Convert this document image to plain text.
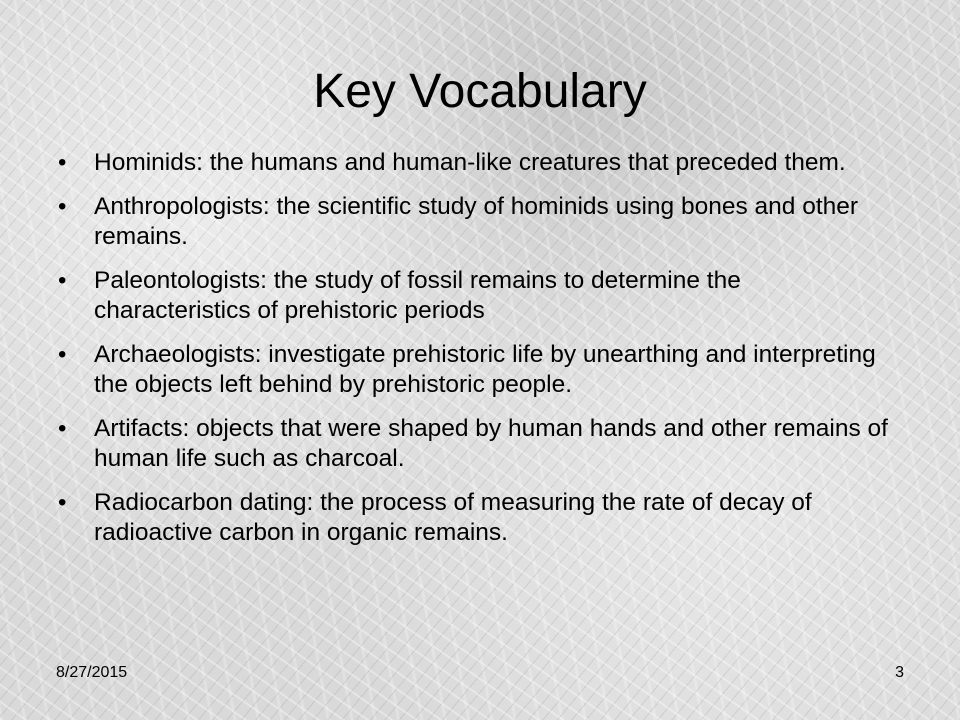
Key Vocabulary
• Hominids: the humans and human-like creatures that preceded them.
• Anthropologists: the scientific study of hominids using bones and other remains.
• Paleontologists: the study of fossil remains to determine the characteristics of prehistoric periods
• Archaeologists: investigate prehistoric life by unearthing and interpreting the objects left behind by prehistoric people.
• Artifacts: objects that were shaped by human hands and other remains of human life such as charcoal.
• Radiocarbon dating: the process of measuring the rate of decay of radioactive carbon in organic remains.
8/27/2015	3
